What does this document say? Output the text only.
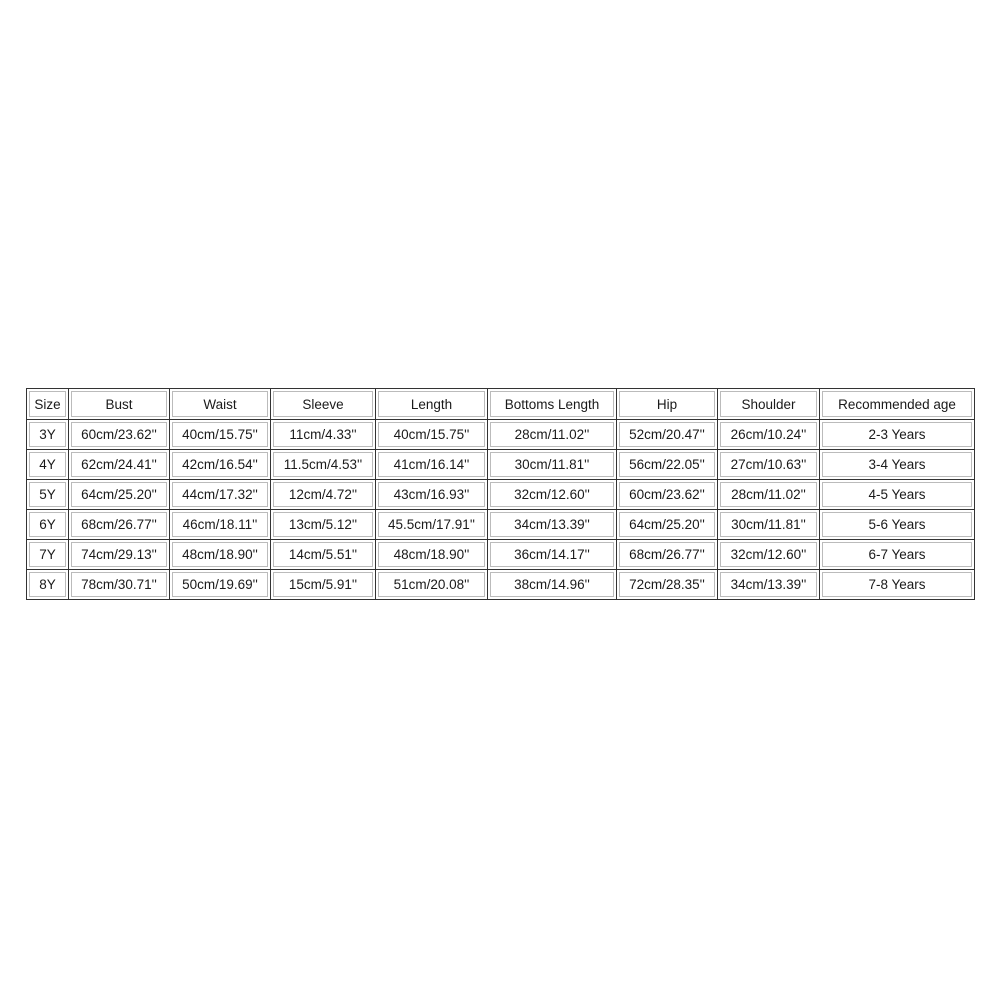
Size	Bust	Waist	Sleeve	Length	Bottoms Length	Hip	Shoulder	Recommended age
3Y	60cm/23.62''	40cm/15.75''	11cm/4.33''	40cm/15.75''	28cm/11.02''	52cm/20.47''	26cm/10.24''	2-3 Years
4Y	62cm/24.41''	42cm/16.54''	11.5cm/4.53''	41cm/16.14''	30cm/11.81''	56cm/22.05''	27cm/10.63''	3-4 Years
5Y	64cm/25.20''	44cm/17.32''	12cm/4.72''	43cm/16.93''	32cm/12.60''	60cm/23.62''	28cm/11.02''	4-5 Years
6Y	68cm/26.77''	46cm/18.11''	13cm/5.12''	45.5cm/17.91''	34cm/13.39''	64cm/25.20''	30cm/11.81''	5-6 Years
7Y	74cm/29.13''	48cm/18.90''	14cm/5.51''	48cm/18.90''	36cm/14.17''	68cm/26.77''	32cm/12.60''	6-7 Years
8Y	78cm/30.71''	50cm/19.69''	15cm/5.91''	51cm/20.08''	38cm/14.96''	72cm/28.35''	34cm/13.39''	7-8 Years
